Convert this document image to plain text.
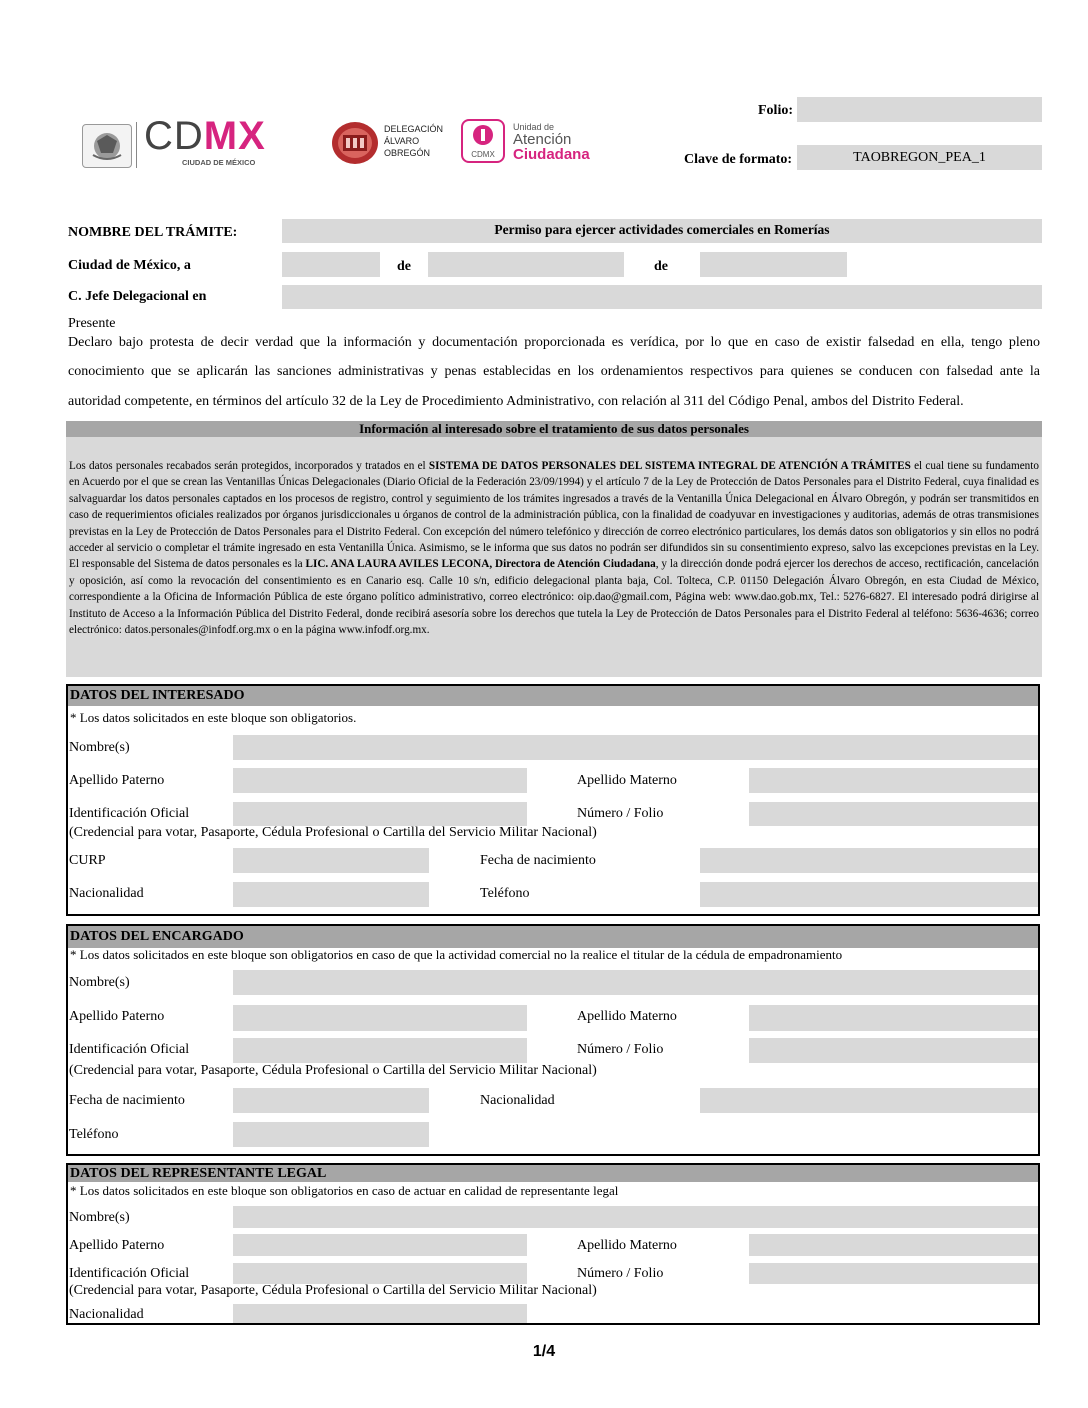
CDMX
CIUDAD DE MÉXICO
DELEGACIÓN
ÁLVARO
OBREGÓN	CDMX
Unidad de
Atención
Ciudadana
Folio:
Clave de formato:	TAOBREGON_PEA_1
NOMBRE DEL TRÁMITE:	Permiso para ejercer actividades comerciales en Romerías
Ciudad de México, a	de	de
C. Jefe Delegacional en
Presente
Declaro bajo protesta de decir verdad que la información y documentación proporcionada es verídica, por lo que en caso de existir falsedad en ella, tengo pleno
conocimiento que se aplicarán las sanciones administrativas y penas establecidas en los ordenamientos respectivos para quienes se conducen con falsedad ante la
autoridad competente, en términos del artículo 32 de la Ley de Procedimiento Administrativo, con relación al 311 del Código Penal, ambos del Distrito Federal.
Información al interesado sobre el tratamiento de sus datos personales
Los datos personales recabados serán protegidos, incorporados y tratados en el SISTEMA DE DATOS PERSONALES DEL SISTEMA INTEGRAL DE ATENCIÓN A TRÁMITES el cual tiene su fundamento en Acuerdo por el que se crean las Ventanillas Únicas Delegacionales (Diario Oficial de la Federación 23/09/1994) y el artículo 7 de la Ley de Protección de Datos Personales para el Distrito Federal, cuya finalidad es salvaguardar los datos personales captados en los procesos de registro, control y seguimiento de los trámites ingresados a través de la Ventanilla Única Delegacional en Álvaro Obregón, y podrán ser transmitidos en caso de requerimientos oficiales realizados por órganos jurisdiccionales u órganos de control de la administración pública, con la finalidad de coadyuvar en investigaciones y auditorias, además de otras transmisiones previstas en la Ley de Protección de Datos Personales para el Distrito Federal. Con excepción del número telefónico y dirección de correo electrónico particulares, los demás datos son obligatorios y sin ellos no podrá acceder al servicio o completar el trámite ingresado en esta Ventanilla Única. Asimismo, se le informa que sus datos no podrán ser difundidos sin su consentimiento expreso, salvo las excepciones previstas en la Ley. El responsable del Sistema de datos personales es la LIC. ANA LAURA AVILES LECONA, Directora de Atención Ciudadana, y la dirección donde podrá ejercer los derechos de acceso, rectificación, cancelación y oposición, así como la revocación del consentimiento es en Canario esq. Calle 10 s/n, edificio delegacional planta baja, Col. Tolteca, C.P. 01150 Delegación Álvaro Obregón, en esta Ciudad de México, correspondiente a la Oficina de Información Pública de este órgano político administrativo, correo electrónico: oip.dao@gmail.com, Página web: www.dao.gob.mx, Tel.: 5276-6827. El interesado podrá dirigirse al Instituto de Acceso a la Información Pública del Distrito Federal, donde recibirá asesoría sobre los derechos que tutela la Ley de Protección de Datos Personales para el Distrito Federal al teléfono: 5636-4636; correo electrónico: datos.personales@infodf.org.mx o en la página www.infodf.org.mx.
DATOS DEL INTERESADO
* Los datos solicitados en este bloque son obligatorios.
Nombre(s)
Apellido Paterno	Apellido Materno
Identificación Oficial	Número / Folio
(Credencial para votar, Pasaporte, Cédula Profesional o Cartilla del Servicio Militar Nacional)
CURP	Fecha de nacimiento
Nacionalidad	Teléfono
DATOS DEL ENCARGADO
* Los datos solicitados en este bloque son obligatorios en caso de que la actividad comercial no la realice el titular de la cédula de empadronamiento
Nombre(s)
Apellido Paterno	Apellido Materno
Identificación Oficial	Número / Folio
(Credencial para votar, Pasaporte, Cédula Profesional o Cartilla del Servicio Militar Nacional)
Fecha de nacimiento	Nacionalidad
Teléfono
DATOS DEL REPRESENTANTE LEGAL
* Los datos solicitados en este bloque son obligatorios en caso de actuar en calidad de representante legal
Nombre(s)
Apellido Paterno	Apellido Materno
Identificación Oficial	Número / Folio
(Credencial para votar, Pasaporte, Cédula Profesional o Cartilla del Servicio Militar Nacional)
Nacionalidad
1/4
